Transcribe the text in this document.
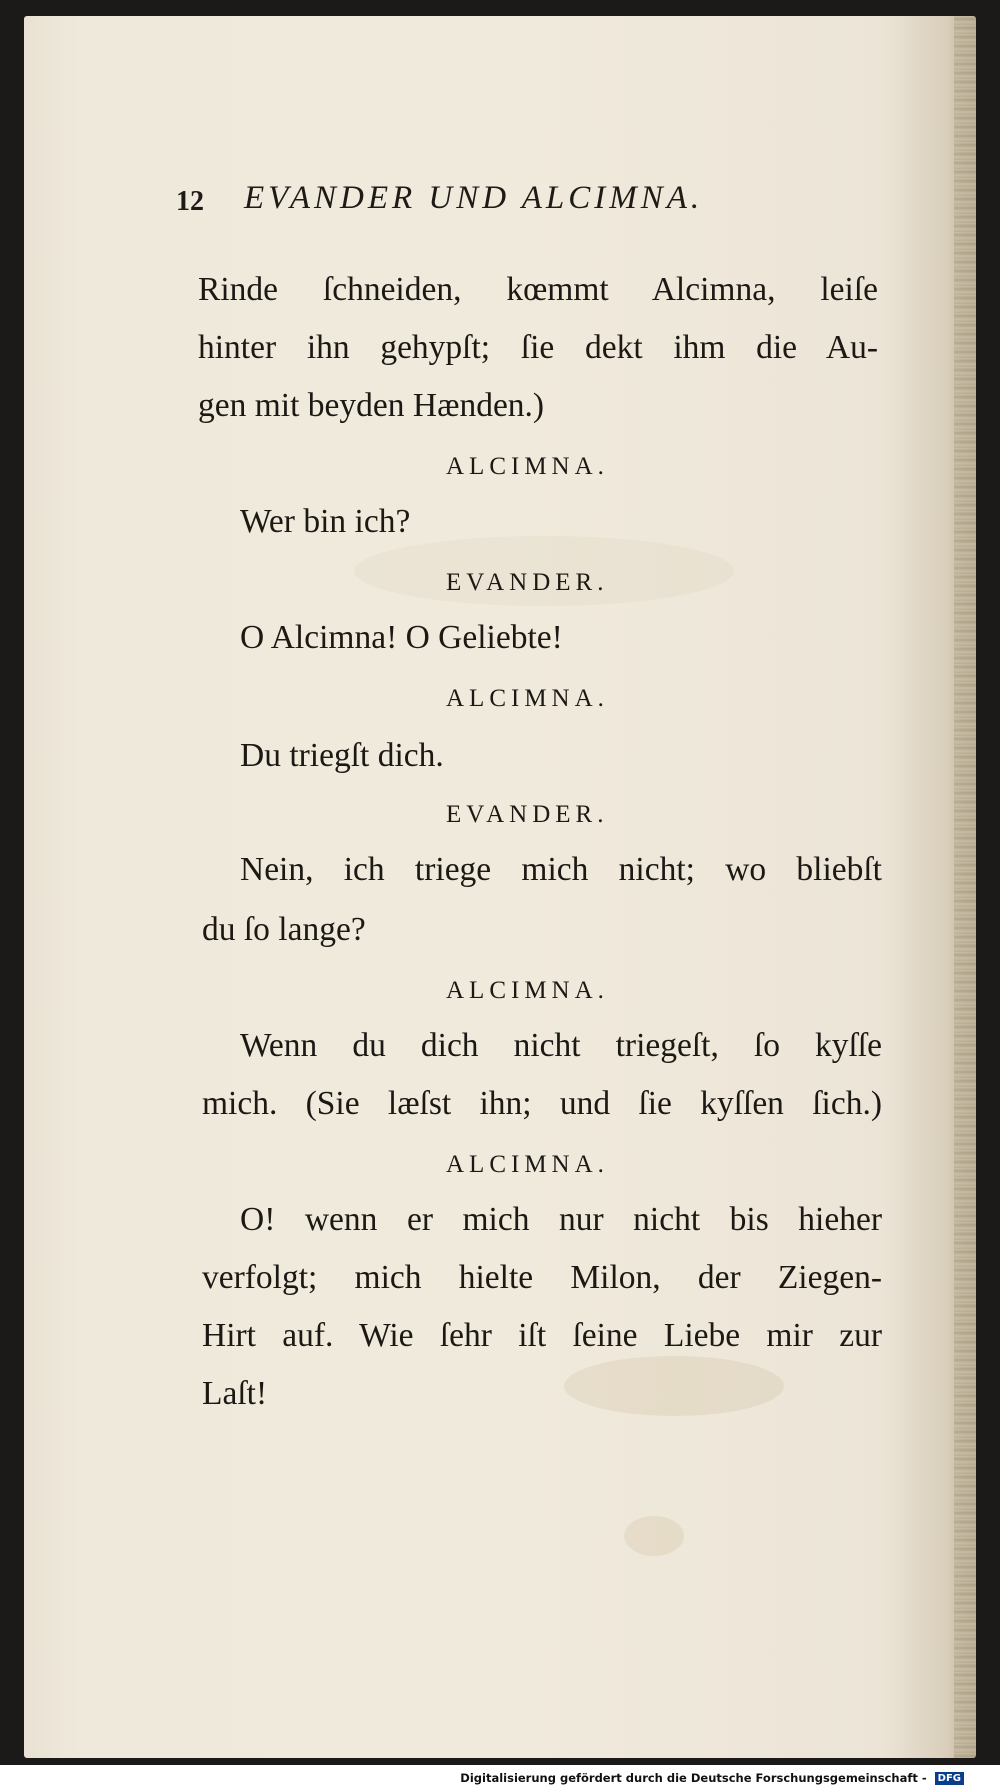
12 EVANDER UND ALCIMNA.
Rinde ſchneiden, kœmmt Alcimna, leiſe
hinter ihn gehypſt; ſie dekt ihm die Au-
gen mit beyden Hænden.)
ALCIMNA.
Wer bin ich?
EVANDER.
O Alcimna! O Geliebte!
ALCIMNA.
Du triegſt dich.
EVANDER.
Nein, ich triege mich nicht; wo bliebſt
du ſo lange?
ALCIMNA.
Wenn du dich nicht triegeſt, ſo kyſſe
mich. (Sie læſst ihn; und ſie kyſſen ſich.)
ALCIMNA.
O! wenn er mich nur nicht bis hieher
verfolgt; mich hielte Milon, der Ziegen-
Hirt auf. Wie ſehr iſt ſeine Liebe mir zur
Laſt!
Digitalisierung gefördert durch die Deutsche Forschungsgemeinschaft - DFG
